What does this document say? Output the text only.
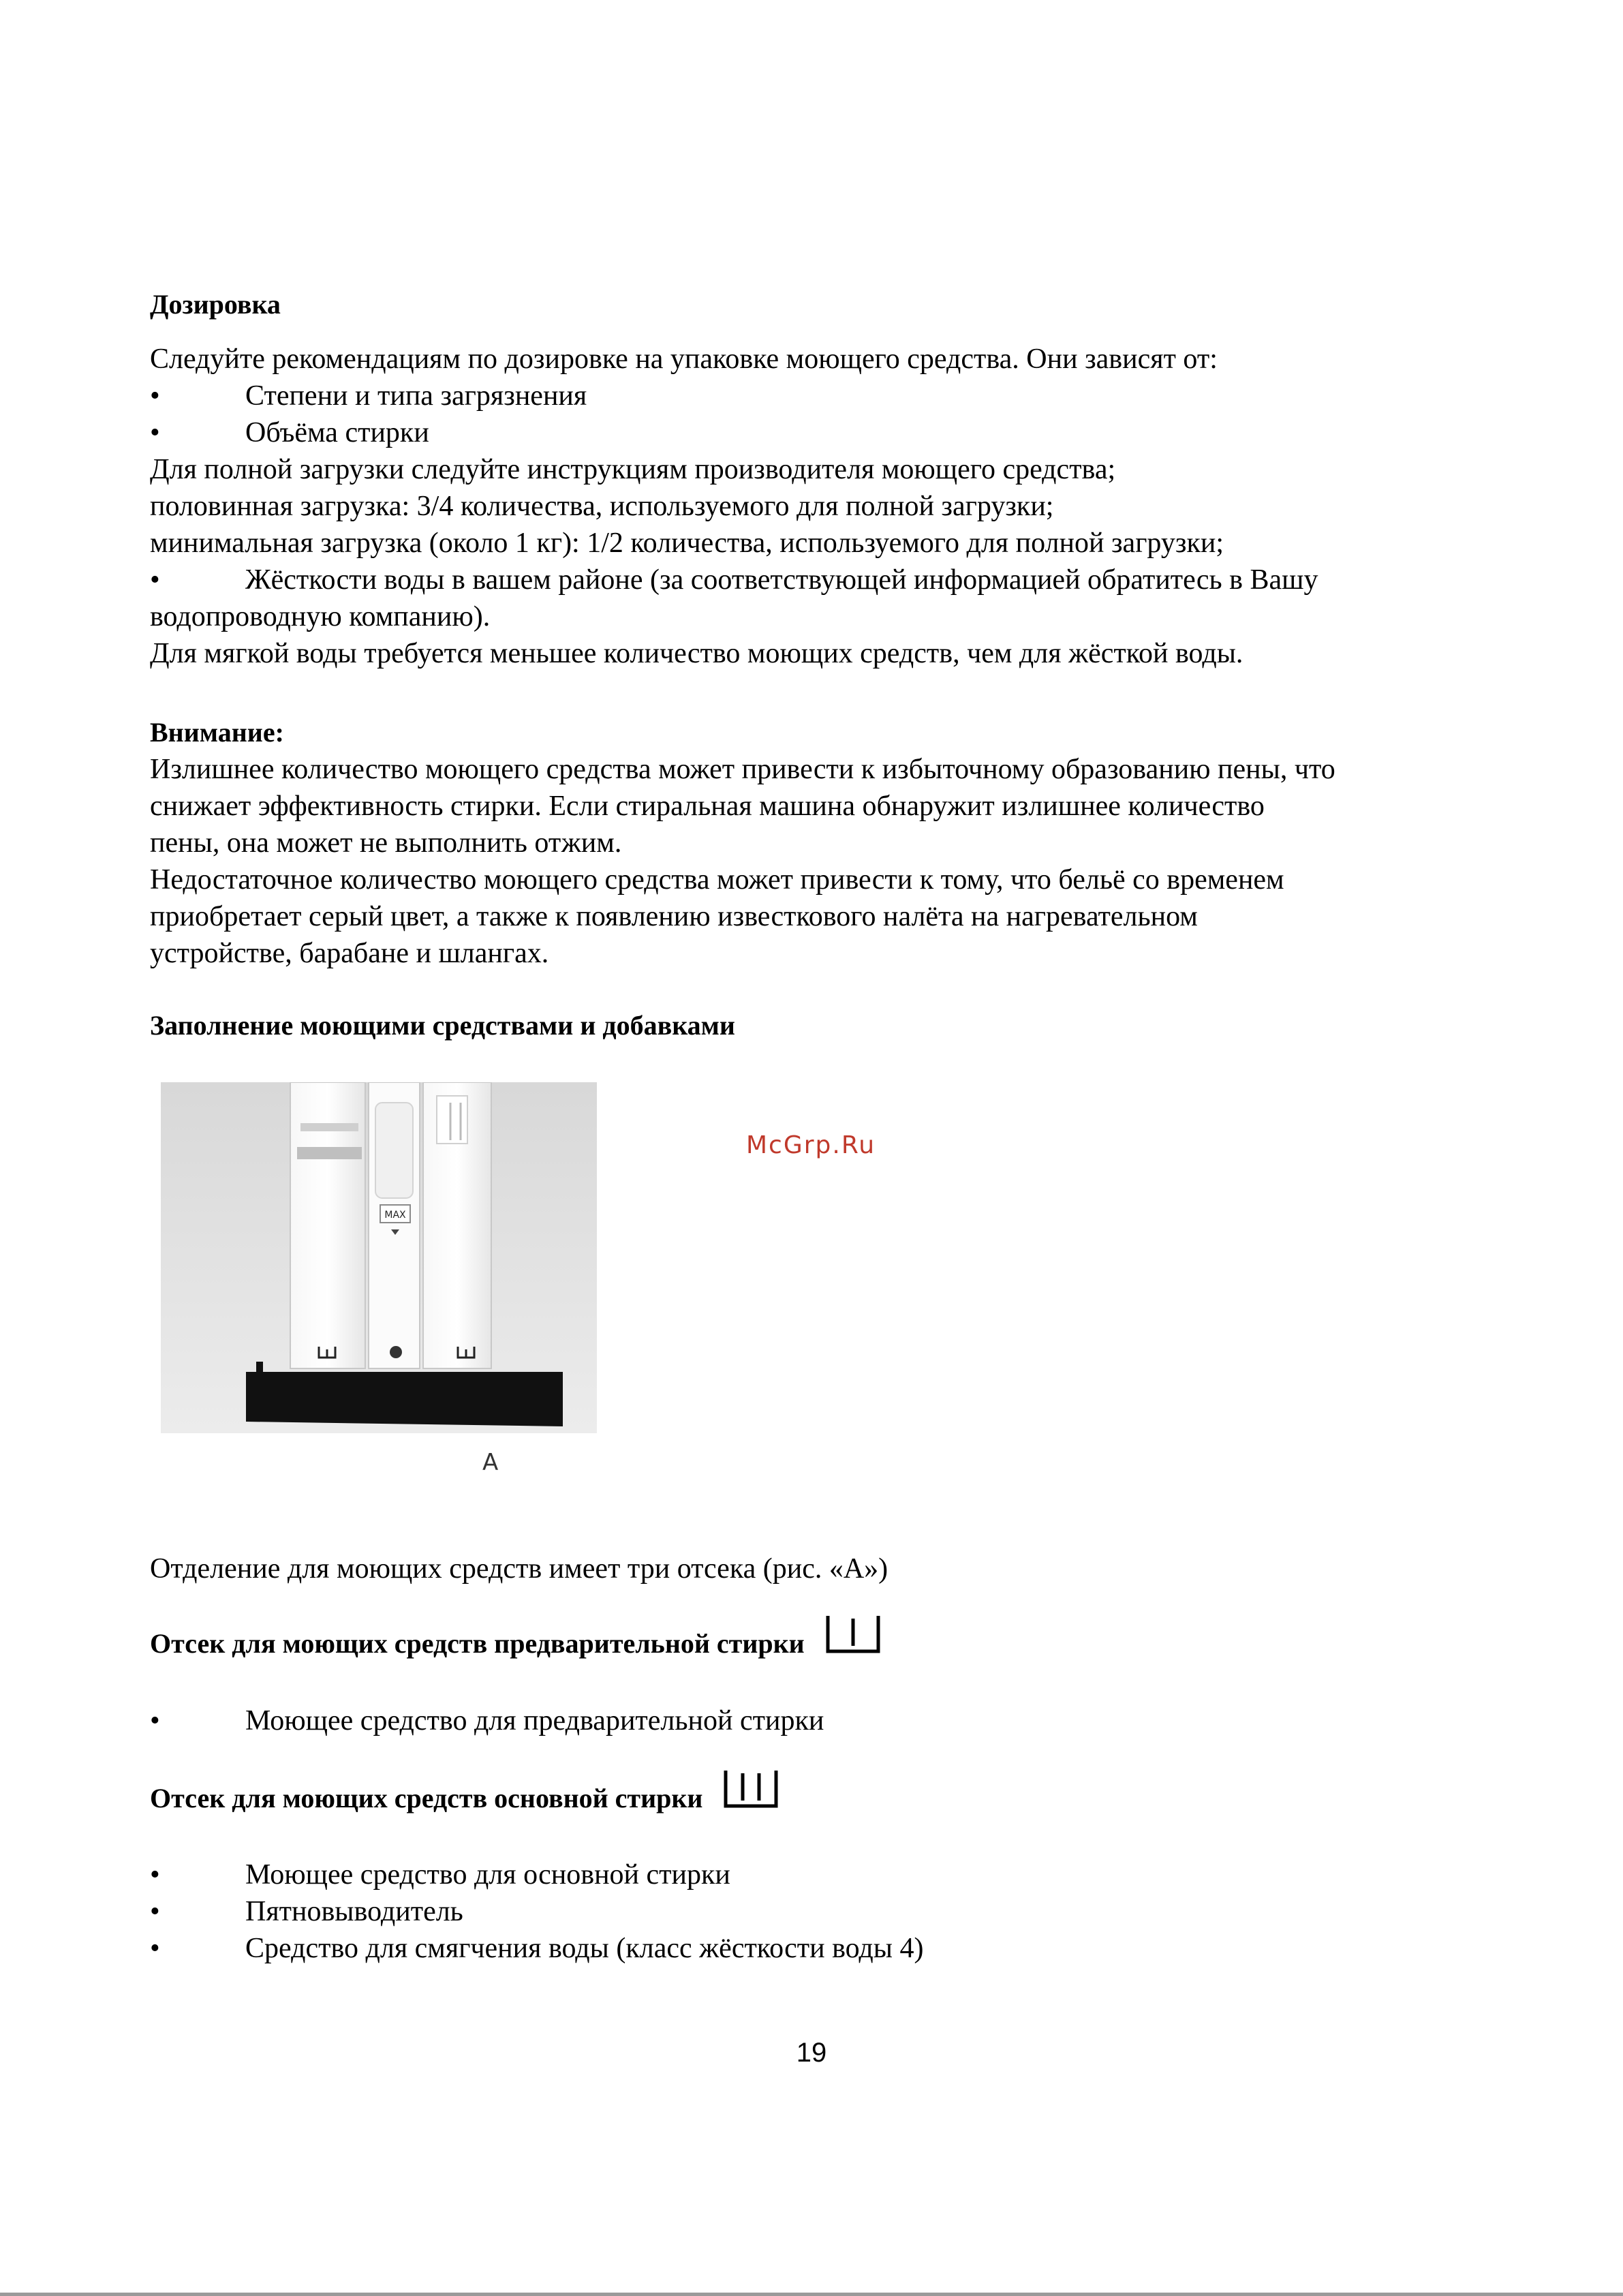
Дозировка

Следуйте рекомендациям по дозировке на упаковке моющего средства. Они зависят от:

•	Степени и типа загрязнения
•	Объёма стирки

Для полной загрузки следуйте инструкциям производителя моющего средства;

половинная загрузка: 3/4 количества, используемого для полной загрузки;

минимальная загрузка (около 1 кг): 1/2 количества, используемого для полной загрузки;

•	Жёсткости воды в вашем районе (за соответствующей информацией обратитесь в Вашу

водопроводную компанию).

Для мягкой воды требуется меньшее количество моющих средств, чем для жёсткой воды.

Внимание:

Излишнее количество моющего средства может привести к избыточному образованию пены, что

снижает эффективность стирки. Если стиральная машина обнаружит излишнее количество

пены, она может не выполнить отжим.

Недостаточное количество моющего средства может привести к тому, что бельё со временем

приобретает серый цвет, а также к появлению известкового налёта на нагревательном

устройстве, барабане и шлангах.

Заполнение моющими средствами и добавками

MAX
A
McGrp.Ru

Отделение для моющих средств имеет три отсека (рис. «А»)

Отсек для моющих средств предварительной стирки

•	Моющее средство для предварительной стирки

Отсек для моющих средств основной стирки

•	Моющее средство для основной стирки
•	Пятновыводитель
•	Средство для смягчения воды (класс жёсткости воды 4)
19
